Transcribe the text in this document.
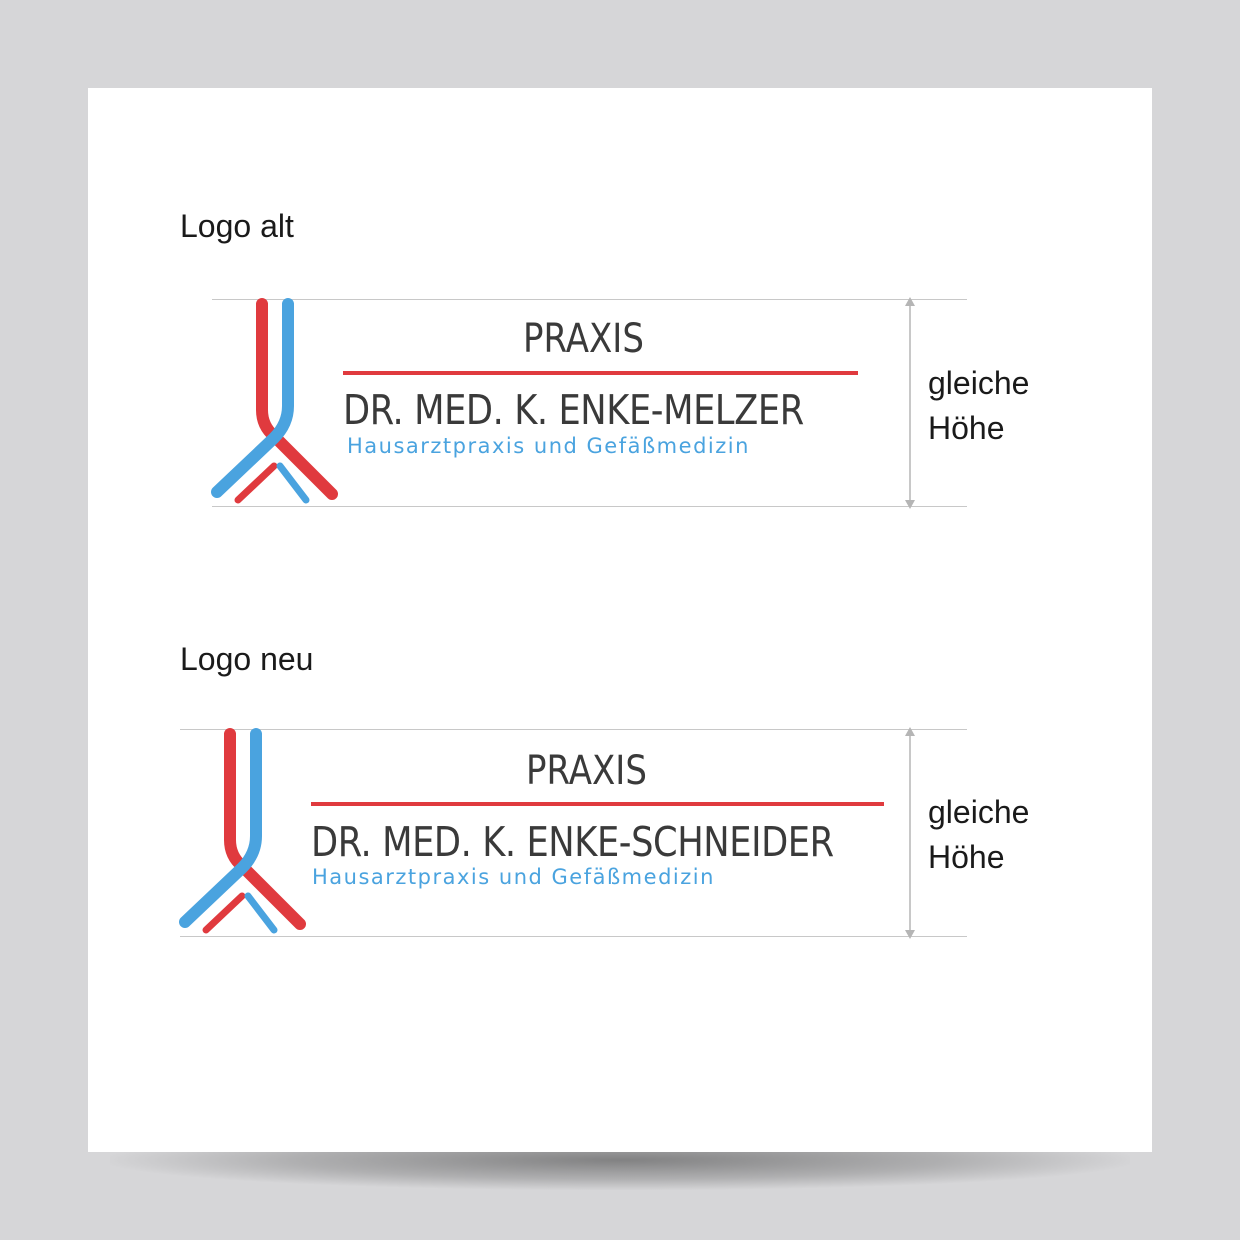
Logo alt
gleiche
Höhe
PRAXIS
DR. MED. K. ENKE-MELZER
Hausarztpraxis und Gefäßmedizin
Logo neu
gleiche
Höhe
PRAXIS
DR. MED. K. ENKE-SCHNEIDER
Hausarztpraxis und Gefäßmedizin
